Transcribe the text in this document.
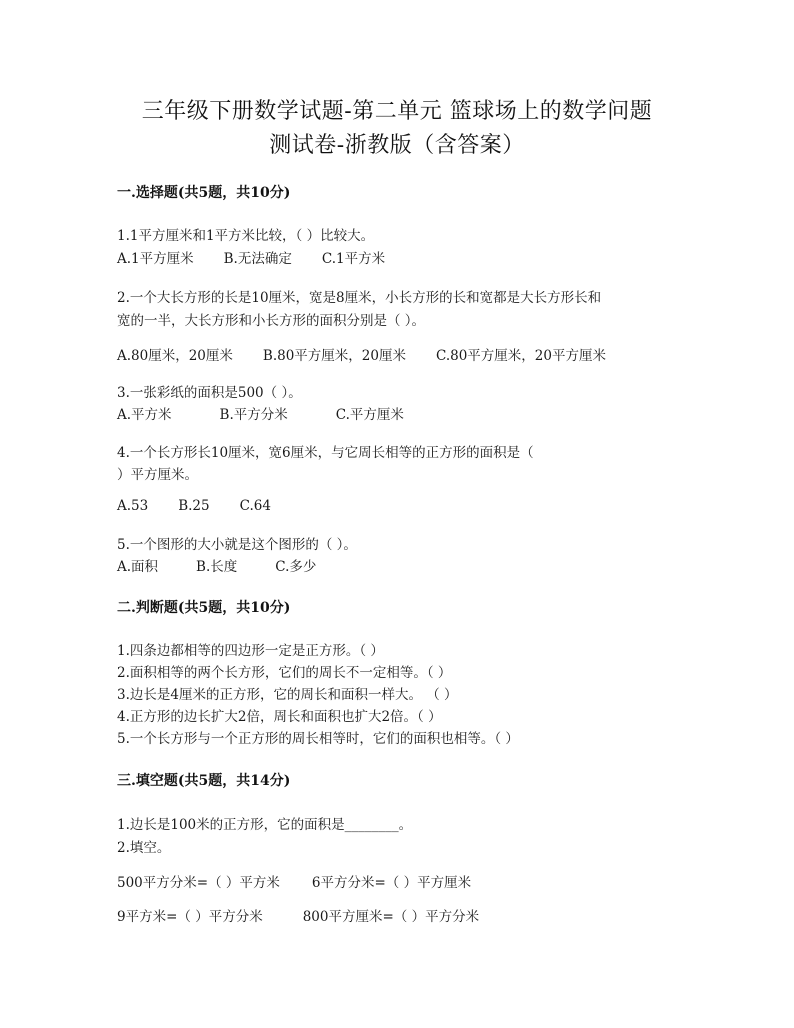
三年级下册数学试题-第二单元 篮球场上的数学问题
测试卷-浙教版（含答案）
一.选择题(共5题，共10分)
1.1平方厘米和1平方米比较，（ ）比较大。
A.1平方厘米 B.无法确定 C.1平方米
2.一个大长方形的长是10厘米，宽是8厘米，小长方形的长和宽都是大长方形长和
宽的一半，大长方形和小长方形的面积分别是（ ）。
A.80厘米，20厘米 B.80平方厘米，20厘米 C.80平方厘米，20平方厘米
3.一张彩纸的面积是500（ ）。
A.平方米	B.平方分米	C.平方厘米
4.一个长方形长10厘米，宽6厘米，与它周长相等的正方形的面积是（
）平方厘米。
A.53 B.25 C.64
5.一个图形的大小就是这个图形的（ ）。
A.面积	B.长度	C.多少
二.判断题(共5题，共10分)
1.四条边都相等的四边形一定是正方形。（ ）
2.面积相等的两个长方形，它们的周长不一定相等。（ ）
3.边长是4厘米的正方形，它的周长和面积一样大。 （ ）
4.正方形的边长扩大2倍，周长和面积也扩大2倍。（ ）
5.一个长方形与一个正方形的周长相等时，它们的面积也相等。（ ）
三.填空题(共5题，共14分)
1.边长是100米的正方形，它的面积是________。
2.填空。
500平方分米=（ ）平方米 6平方分米=（ ）平方厘米
9平方米=（ ）平方分米	800平方厘米=（ ）平方分米
